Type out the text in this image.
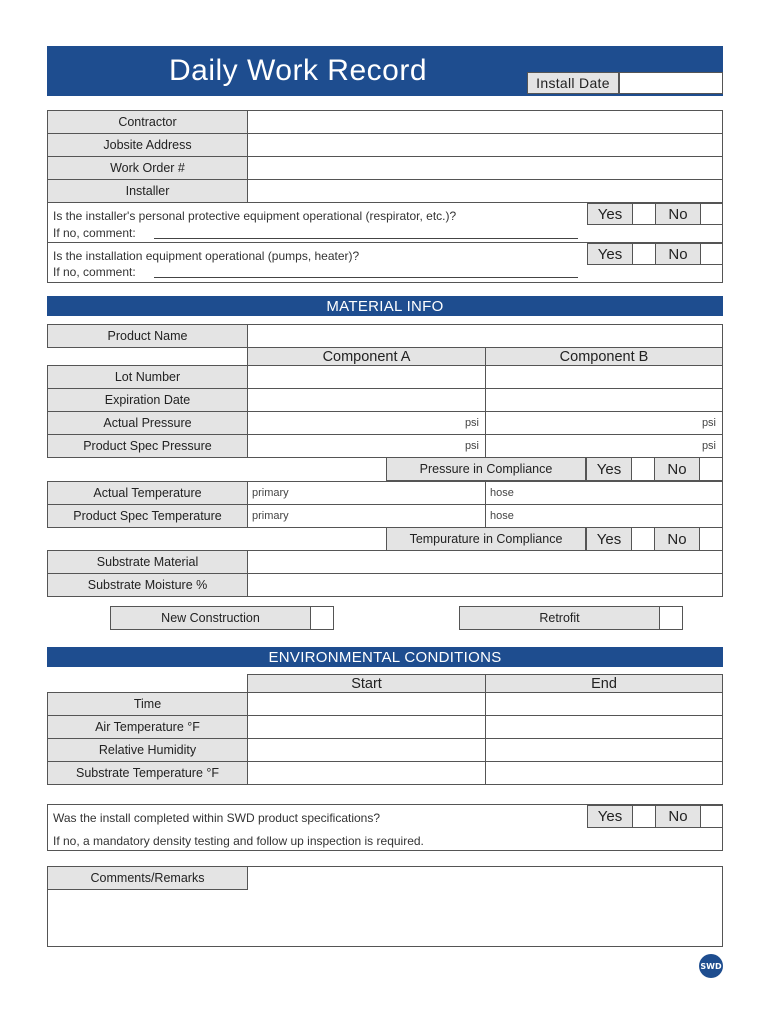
Daily Work Record	Install Date
Contractor
Jobsite Address
Work Order #
Installer
Is the installer's personal protective equipment operational (respirator, etc.)?
If no, comment:
Yes	No
Is the installation equipment operational (pumps, heater)?
If no, comment:
Yes	No
MATERIAL INFO
Product Name
Component A	Component B
Lot Number
Expiration Date
Actual Pressure	psi	psi
Product Spec Pressure	psi	psi
Pressure in Compliance	Yes	No
Actual Temperature	primary	hose
Product Spec Temperature	primary	hose
Tempurature in Compliance	Yes	No
Substrate Material
Substrate Moisture %
New Construction	Retrofit
ENVIRONMENTAL CONDITIONS
Start	End
Time
Air Temperature °F
Relative Humidity
Substrate Temperature °F
Was the install completed within SWD product specifications?
If no, a mandatory density testing and follow up inspection is required.
Yes	No
Comments/Remarks
SWD
